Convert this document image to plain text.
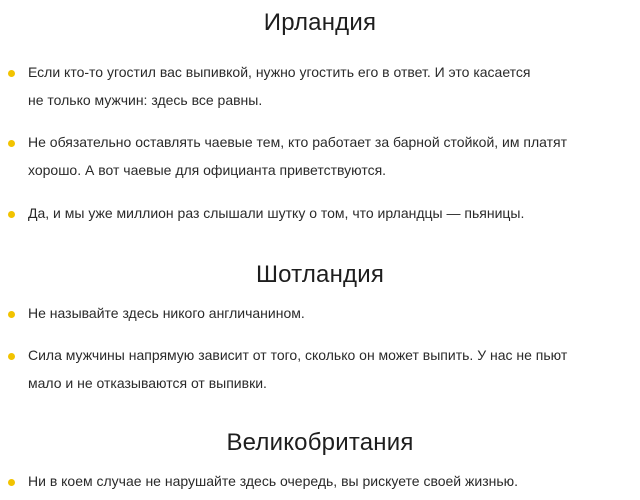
Ирландия
Если кто-то угостил вас выпивкой, нужно угостить его в ответ. И это касается
не только мужчин: здесь все равны.
Не обязательно оставлять чаевые тем, кто работает за барной стойкой, им платят
хорошо. А вот чаевые для официанта приветствуются.
Да, и мы уже миллион раз слышали шутку о том, что ирландцы — пьяницы.
Шотландия
Не называйте здесь никого англичанином.
Сила мужчины напрямую зависит от того, сколько он может выпить. У нас не пьют
мало и не отказываются от выпивки.
Великобритания
Ни в коем случае не нарушайте здесь очередь, вы рискуете своей жизнью.
